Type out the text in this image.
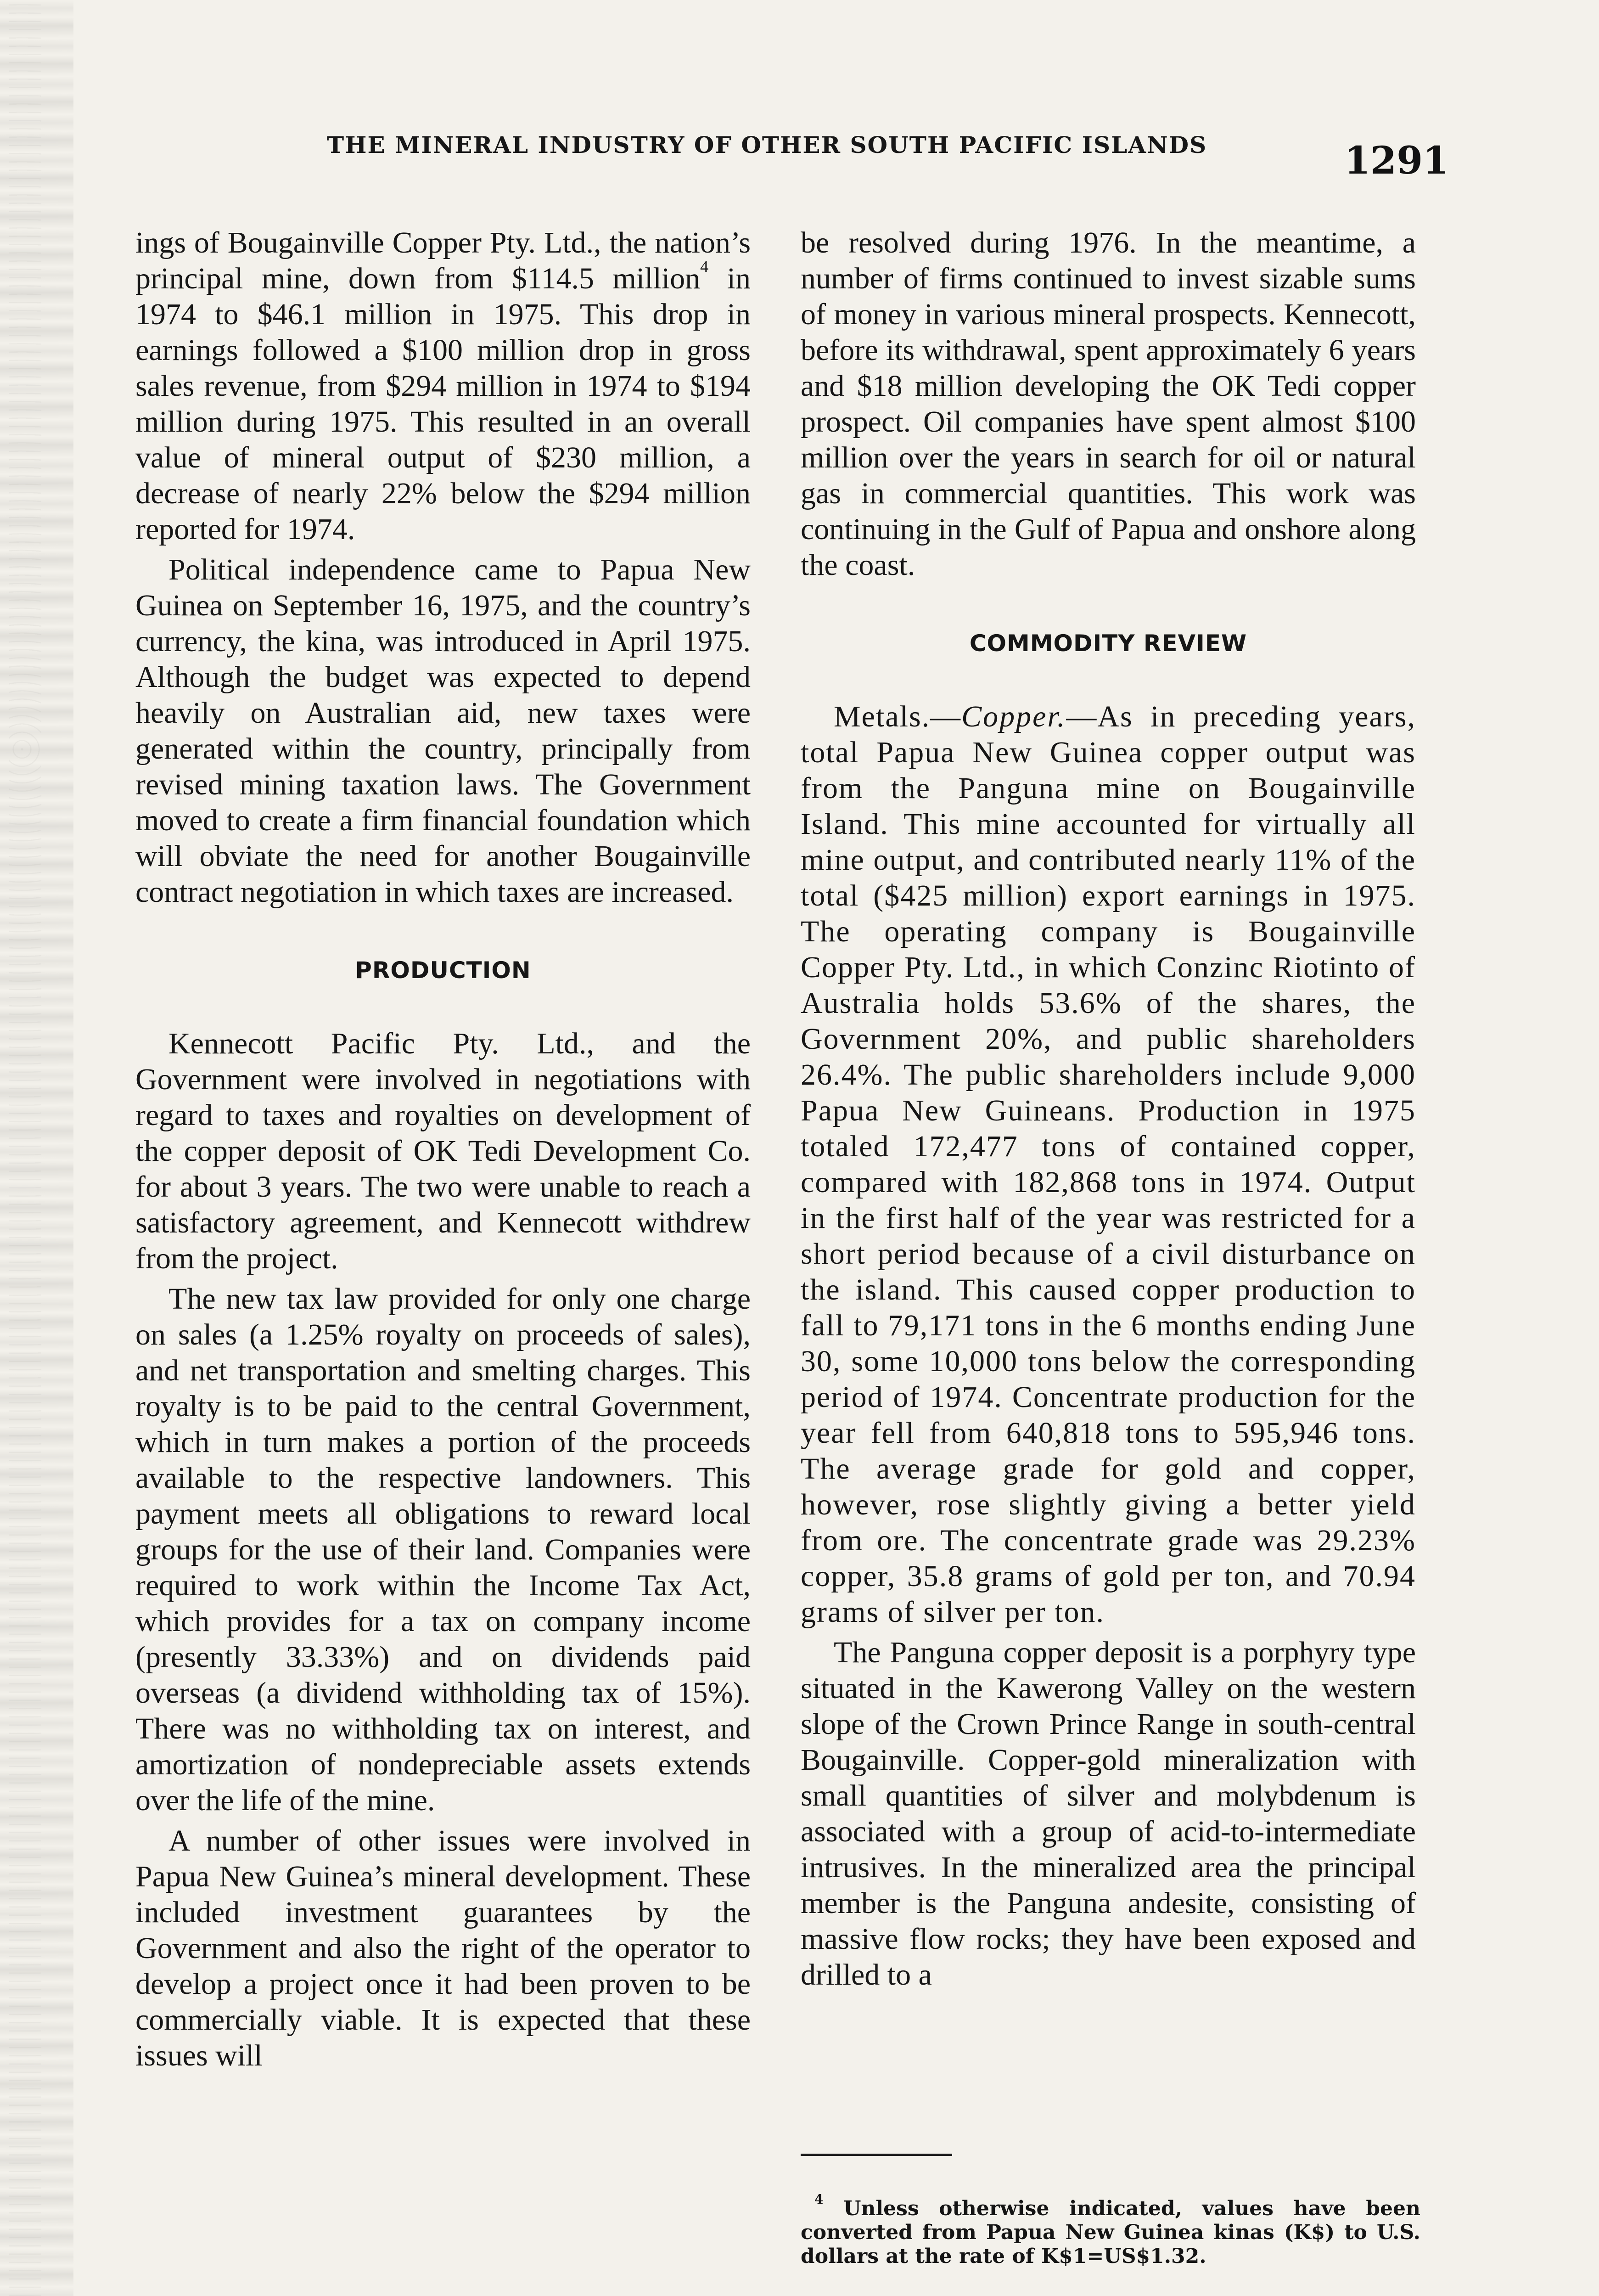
THE MINERAL INDUSTRY OF OTHER SOUTH PACIFIC ISLANDS	1291

ings of Bougainville Copper Pty. Ltd., the nation’s principal mine, down from $114.5 million$^4$ in 1974 to $46.1 million in 1975. This drop in earnings followed a $100 million drop in gross sales revenue, from $294 million in 1974 to $194 million during 1975. This resulted in an overall value of mineral output of $230 million, a decrease of nearly 22% below the $294 million reported for 1974.

Political independence came to Papua New Guinea on September 16, 1975, and the country’s currency, the kina, was introduced in April 1975. Although the budget was expected to depend heavily on Australian aid, new taxes were generated within the country, principally from revised mining taxation laws. The Government moved to create a firm financial foundation which will obviate the need for another Bougainville contract negotiation in which taxes are increased.

PRODUCTION

Kennecott Pacific Pty. Ltd., and the Government were involved in negotiations with regard to taxes and royalties on development of the copper deposit of OK Tedi Development Co. for about 3 years. The two were unable to reach a satisfactory agreement, and Kennecott withdrew from the project.

The new tax law provided for only one charge on sales (a 1.25% royalty on proceeds of sales), and net transportation and smelting charges. This royalty is to be paid to the central Government, which in turn makes a portion of the proceeds available to the respective landowners. This payment meets all obligations to reward local groups for the use of their land. Companies were required to work within the Income Tax Act, which provides for a tax on company income (presently 33.33%) and on dividends paid overseas (a dividend withholding tax of 15%). There was no withholding tax on interest, and amortization of nondepreciable assets extends over the life of the mine.

A number of other issues were involved in Papua New Guinea’s mineral development. These included investment guarantees by the Government and also the right of the operator to develop a project once it had been proven to be commercially viable. It is expected that these issues will

be resolved during 1976. In the meantime, a number of firms continued to invest sizable sums of money in various mineral prospects. Kennecott, before its withdrawal, spent approximately 6 years and $18 million developing the OK Tedi copper prospect. Oil companies have spent almost $100 million over the years in search for oil or natural gas in commercial quantities. This work was continuing in the Gulf of Papua and onshore along the coast.

COMMODITY REVIEW

Metals.—Copper.—As in preceding years, total Papua New Guinea copper output was from the Panguna mine on Bougainville Island. This mine accounted for virtually all mine output, and contributed nearly 11% of the total ($425 million) export earnings in 1975. The operating company is Bougainville Copper Pty. Ltd., in which Conzinc Riotinto of Australia holds 53.6% of the shares, the Government 20%, and public shareholders 26.4%. The public shareholders include 9,000 Papua New Guineans. Production in 1975 totaled 172,477 tons of contained copper, compared with 182,868 tons in 1974. Output in the first half of the year was restricted for a short period because of a civil disturbance on the island. This caused copper production to fall to 79,171 tons in the 6 months ending June 30, some 10,000 tons below the corresponding period of 1974. Concentrate production for the year fell from 640,818 tons to 595,946 tons. The average grade for gold and copper, however, rose slightly giving a better yield from ore. The concentrate grade was 29.23% copper, 35.8 grams of gold per ton, and 70.94 grams of silver per ton.

The Panguna copper deposit is a porphyry type situated in the Kawerong Valley on the western slope of the Crown Prince Range in south-central Bougainville. Copper-gold mineralization with small quantities of silver and molybdenum is associated with a group of acid-to-intermediate intrusives. In the mineralized area the principal member is the Panguna andesite, consisting of massive flow rocks; they have been exposed and drilled to a

$^4$ Unless otherwise indicated, values have been converted from Papua New Guinea kinas (K$) to U.S. dollars at the rate of K$1=US$1.32.
